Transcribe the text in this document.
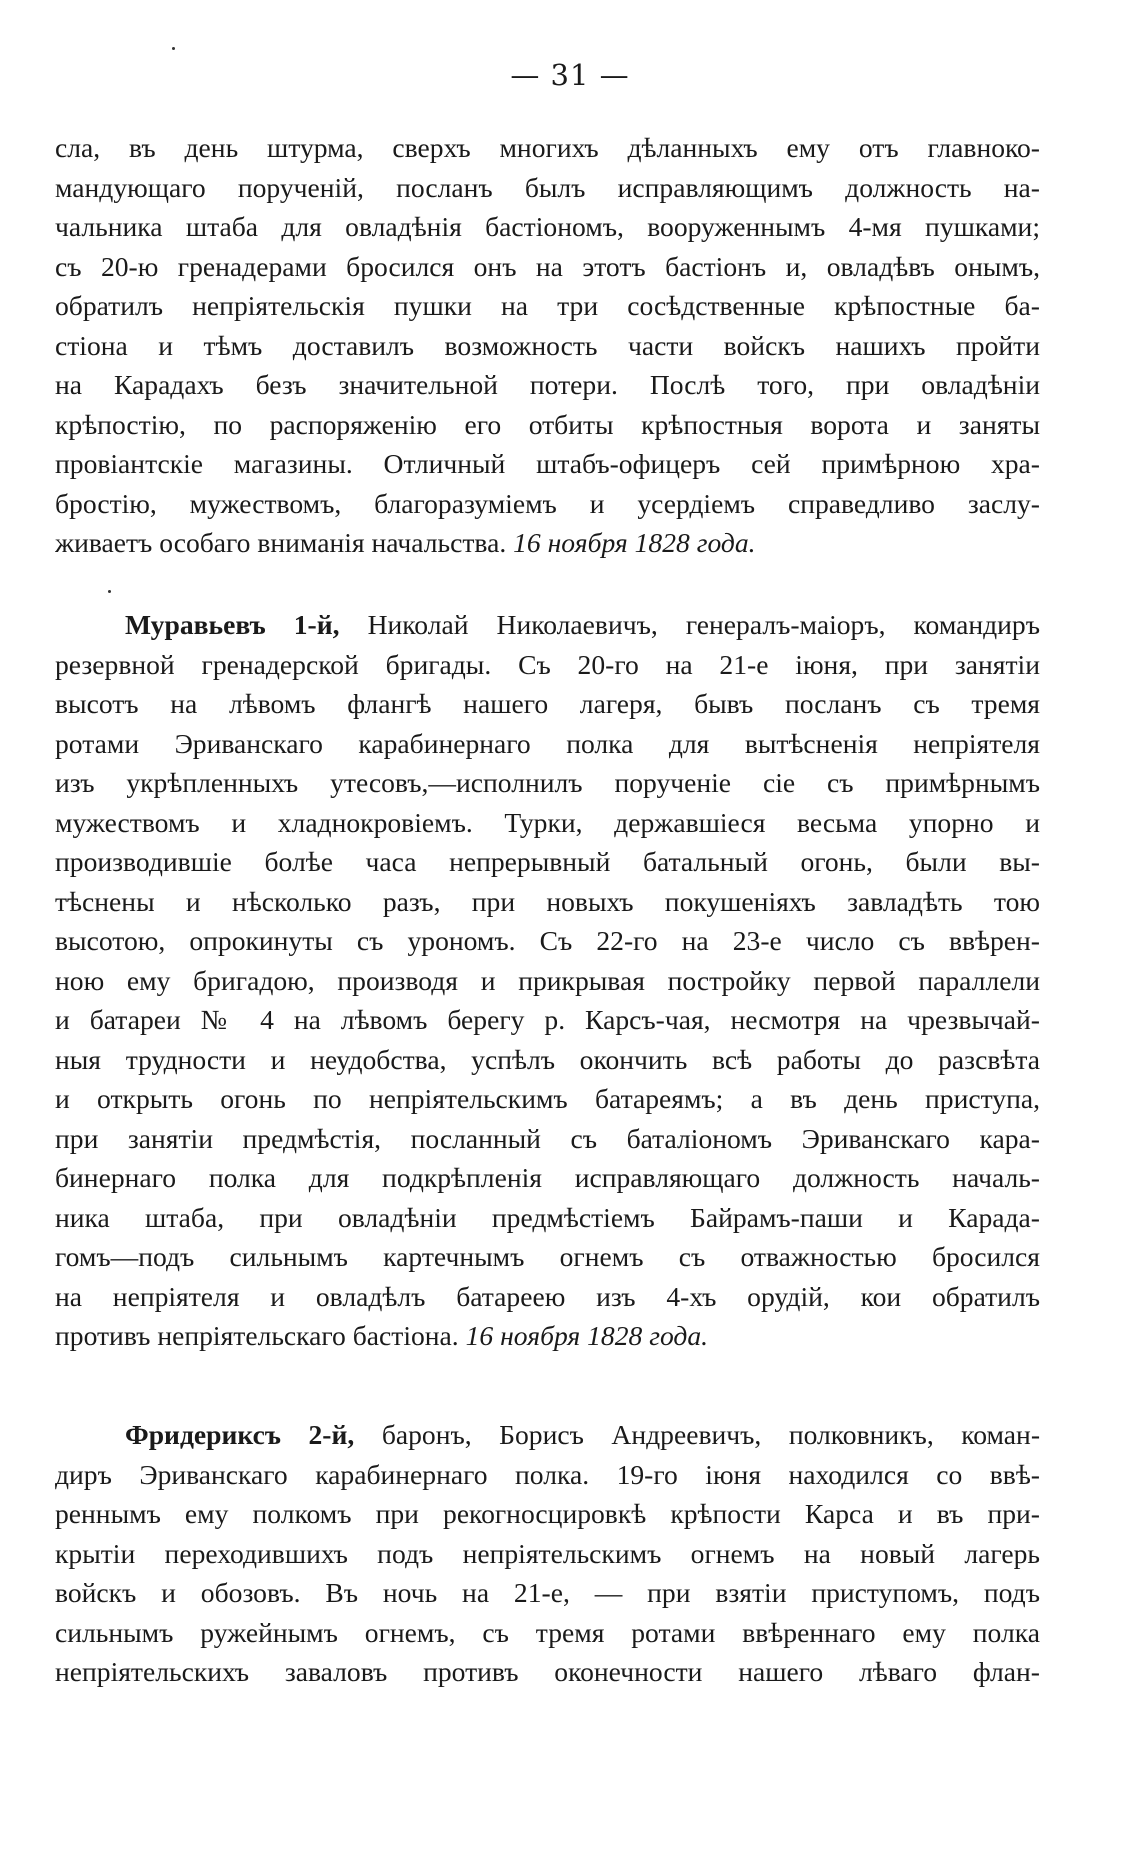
— 31 —
сла, въ день штурма, сверхъ многихъ дѣланныхъ ему отъ главноко-
мандующаго порученій, посланъ былъ исправляющимъ должность на-
чальника штаба для овладѣнія бастіономъ, вооруженнымъ 4-мя пушками;
съ 20-ю гренадерами бросился онъ на этотъ бастіонъ и, овладѣвъ онымъ,
обратилъ непріятельскія пушки на три сосѣдственные крѣпостные ба-
стіона и тѣмъ доставилъ возможность части войскъ нашихъ пройти
на Карадахъ безъ значительной потери. Послѣ того, при овладѣніи
крѣпостію, по распоряженію его отбиты крѣпостныя ворота и заняты
провіантскіе магазины. Отличный штабъ-офицеръ сей примѣрною хра-
бростію, мужествомъ, благоразуміемъ и усердіемъ справедливо заслу-
живаетъ особаго вниманія начальства. 16 ноября 1828 года.
Муравьевъ 1-й, Николай Николаевичъ, генералъ-маіоръ, командиръ
резервной гренадерской бригады. Съ 20-го на 21-е іюня, при занятіи
высотъ на лѣвомъ флангѣ нашего лагеря, бывъ посланъ съ тремя
ротами Эриванскаго карабинернаго полка для вытѣсненія непріятеля
изъ укрѣпленныхъ утесовъ,—исполнилъ порученіе сіе съ примѣрнымъ
мужествомъ и хладнокровіемъ. Турки, державшіеся весьма упорно и
производившіе болѣе часа непрерывный батальный огонь, были вы-
тѣснены и нѣсколько разъ, при новыхъ покушеніяхъ завладѣть тою
высотою, опрокинуты съ урономъ. Съ 22-го на 23-е число съ ввѣрен-
ною ему бригадою, производя и прикрывая постройку первой параллели
и батареи № 4 на лѣвомъ берегу р. Карсъ-чая, несмотря на чрезвычай-
ныя трудности и неудобства, успѣлъ окончить всѣ работы до разсвѣта
и открыть огонь по непріятельскимъ батареямъ; а въ день приступа,
при занятіи предмѣстія, посланный съ баталіономъ Эриванскаго кара-
бинернаго полка для подкрѣпленія исправляющаго должность началь-
ника штаба, при овладѣніи предмѣстіемъ Байрамъ-паши и Карада-
гомъ—подъ сильнымъ картечнымъ огнемъ съ отважностью бросился
на непріятеля и овладѣлъ батареею изъ 4-хъ орудій, кои обратилъ
противъ непріятельскаго бастіона. 16 ноября 1828 года.
Фридериксъ 2-й, баронъ, Борисъ Андреевичъ, полковникъ, коман-
диръ Эриванскаго карабинернаго полка. 19-го іюня находился со ввѣ-
реннымъ ему полкомъ при рекогносцировкѣ крѣпости Карса и въ при-
крытіи переходившихъ подъ непріятельскимъ огнемъ на новый лагерь
войскъ и обозовъ. Въ ночь на 21-е, — при взятіи приступомъ, подъ
сильнымъ ружейнымъ огнемъ, съ тремя ротами ввѣреннаго ему полка
непріятельскихъ заваловъ противъ оконечности нашего лѣваго флан-
